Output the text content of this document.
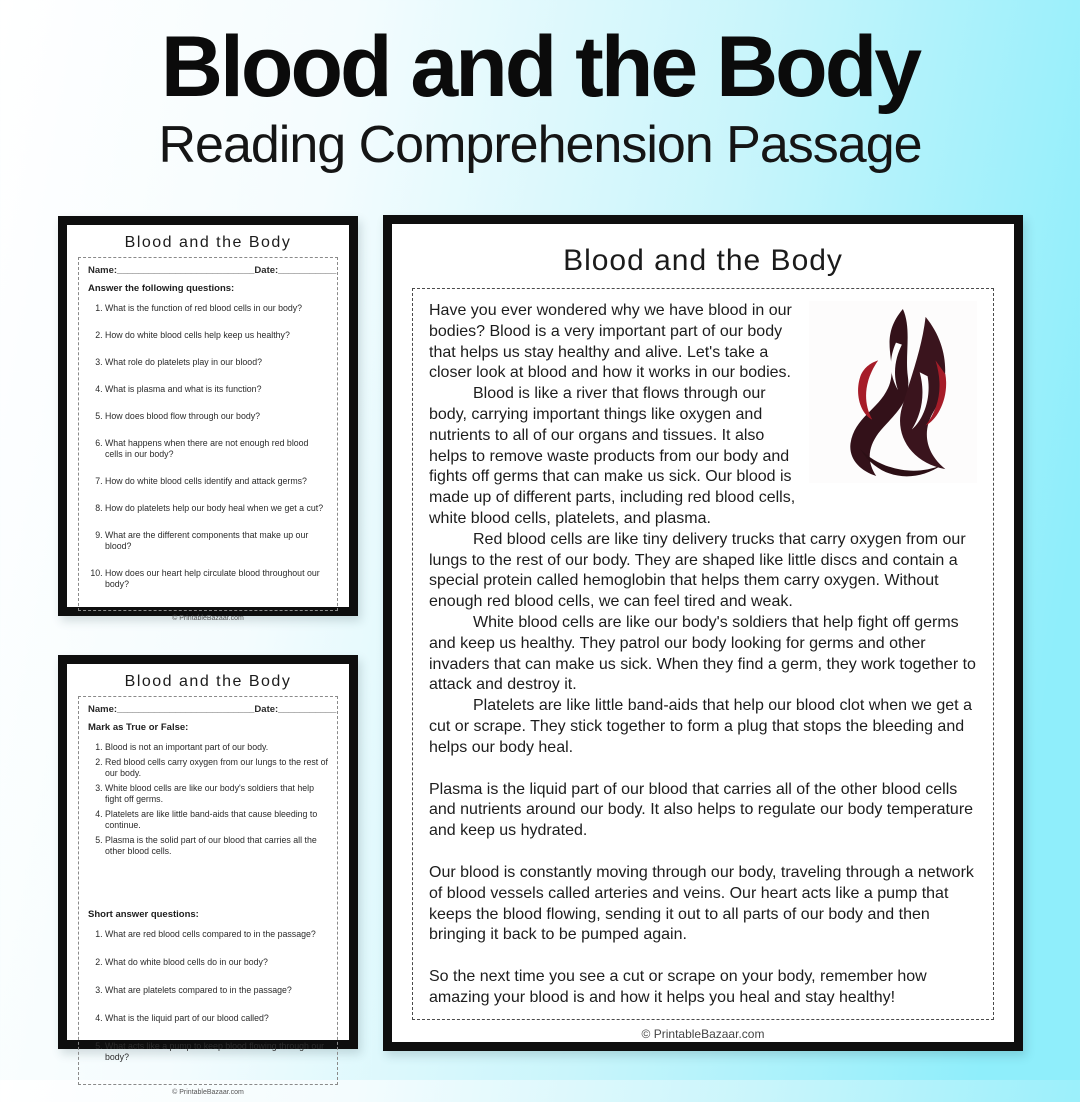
Blood and the Body
Reading Comprehension Passage
Blood and the Body
Name:__________________________ Date:___________
Answer the following questions:
1. What is the function of red blood cells in our body?
2. How do white blood cells help keep us healthy?
3. What role do platelets play in our blood?
4. What is plasma and what is its function?
5. How does blood flow through our body?
6. What happens when there are not enough red blood cells in our body?
7. How do white blood cells identify and attack germs?
8. How do platelets help our body heal when we get a cut?
9. What are the different components that make up our blood?
10. How does our heart help circulate blood throughout our body?
© PrintableBazaar.com
Blood and the Body
Name:__________________________ Date:___________
Mark as True or False:
1. Blood is not an important part of our body.
2. Red blood cells carry oxygen from our lungs to the rest of our body.
3. White blood cells are like our body's soldiers that help fight off germs.
4. Platelets are like little band-aids that cause bleeding to continue.
5. Plasma is the solid part of our blood that carries all the other blood cells.
Short answer questions:
1. What are red blood cells compared to in the passage?
2. What do white blood cells do in our body?
3. What are platelets compared to in the passage?
4. What is the liquid part of our blood called?
5. What acts like a pump to keep blood flowing through our body?
© PrintableBazaar.com
Blood and the Body

Have you ever wondered why we have blood in our bodies? Blood is a very important part of our body that helps us stay healthy and alive. Let's take a closer look at blood and how it works in our bodies.

Blood is like a river that flows through our body, carrying important things like oxygen and nutrients to all of our organs and tissues. It also helps to remove waste products from our body and fights off germs that can make us sick. Our blood is made up of different parts, including red blood cells, white blood cells, platelets, and plasma.

Red blood cells are like tiny delivery trucks that carry oxygen from our lungs to the rest of our body. They are shaped like little discs and contain a special protein called hemoglobin that helps them carry oxygen. Without enough red blood cells, we can feel tired and weak.

White blood cells are like our body's soldiers that help fight off germs and keep us healthy. They patrol our body looking for germs and other invaders that can make us sick. When they find a germ, they work together to attack and destroy it.

Platelets are like little band-aids that help our blood clot when we get a cut or scrape. They stick together to form a plug that stops the bleeding and helps our body heal.

Plasma is the liquid part of our blood that carries all of the other blood cells and nutrients around our body. It also helps to regulate our body temperature and keep us hydrated.

Our blood is constantly moving through our body, traveling through a network of blood vessels called arteries and veins. Our heart acts like a pump that keeps the blood flowing, sending it out to all parts of our body and then bringing it back to be pumped again.

So the next time you see a cut or scrape on your body, remember how amazing your blood is and how it helps you heal and stay healthy!

© PrintableBazaar.com
